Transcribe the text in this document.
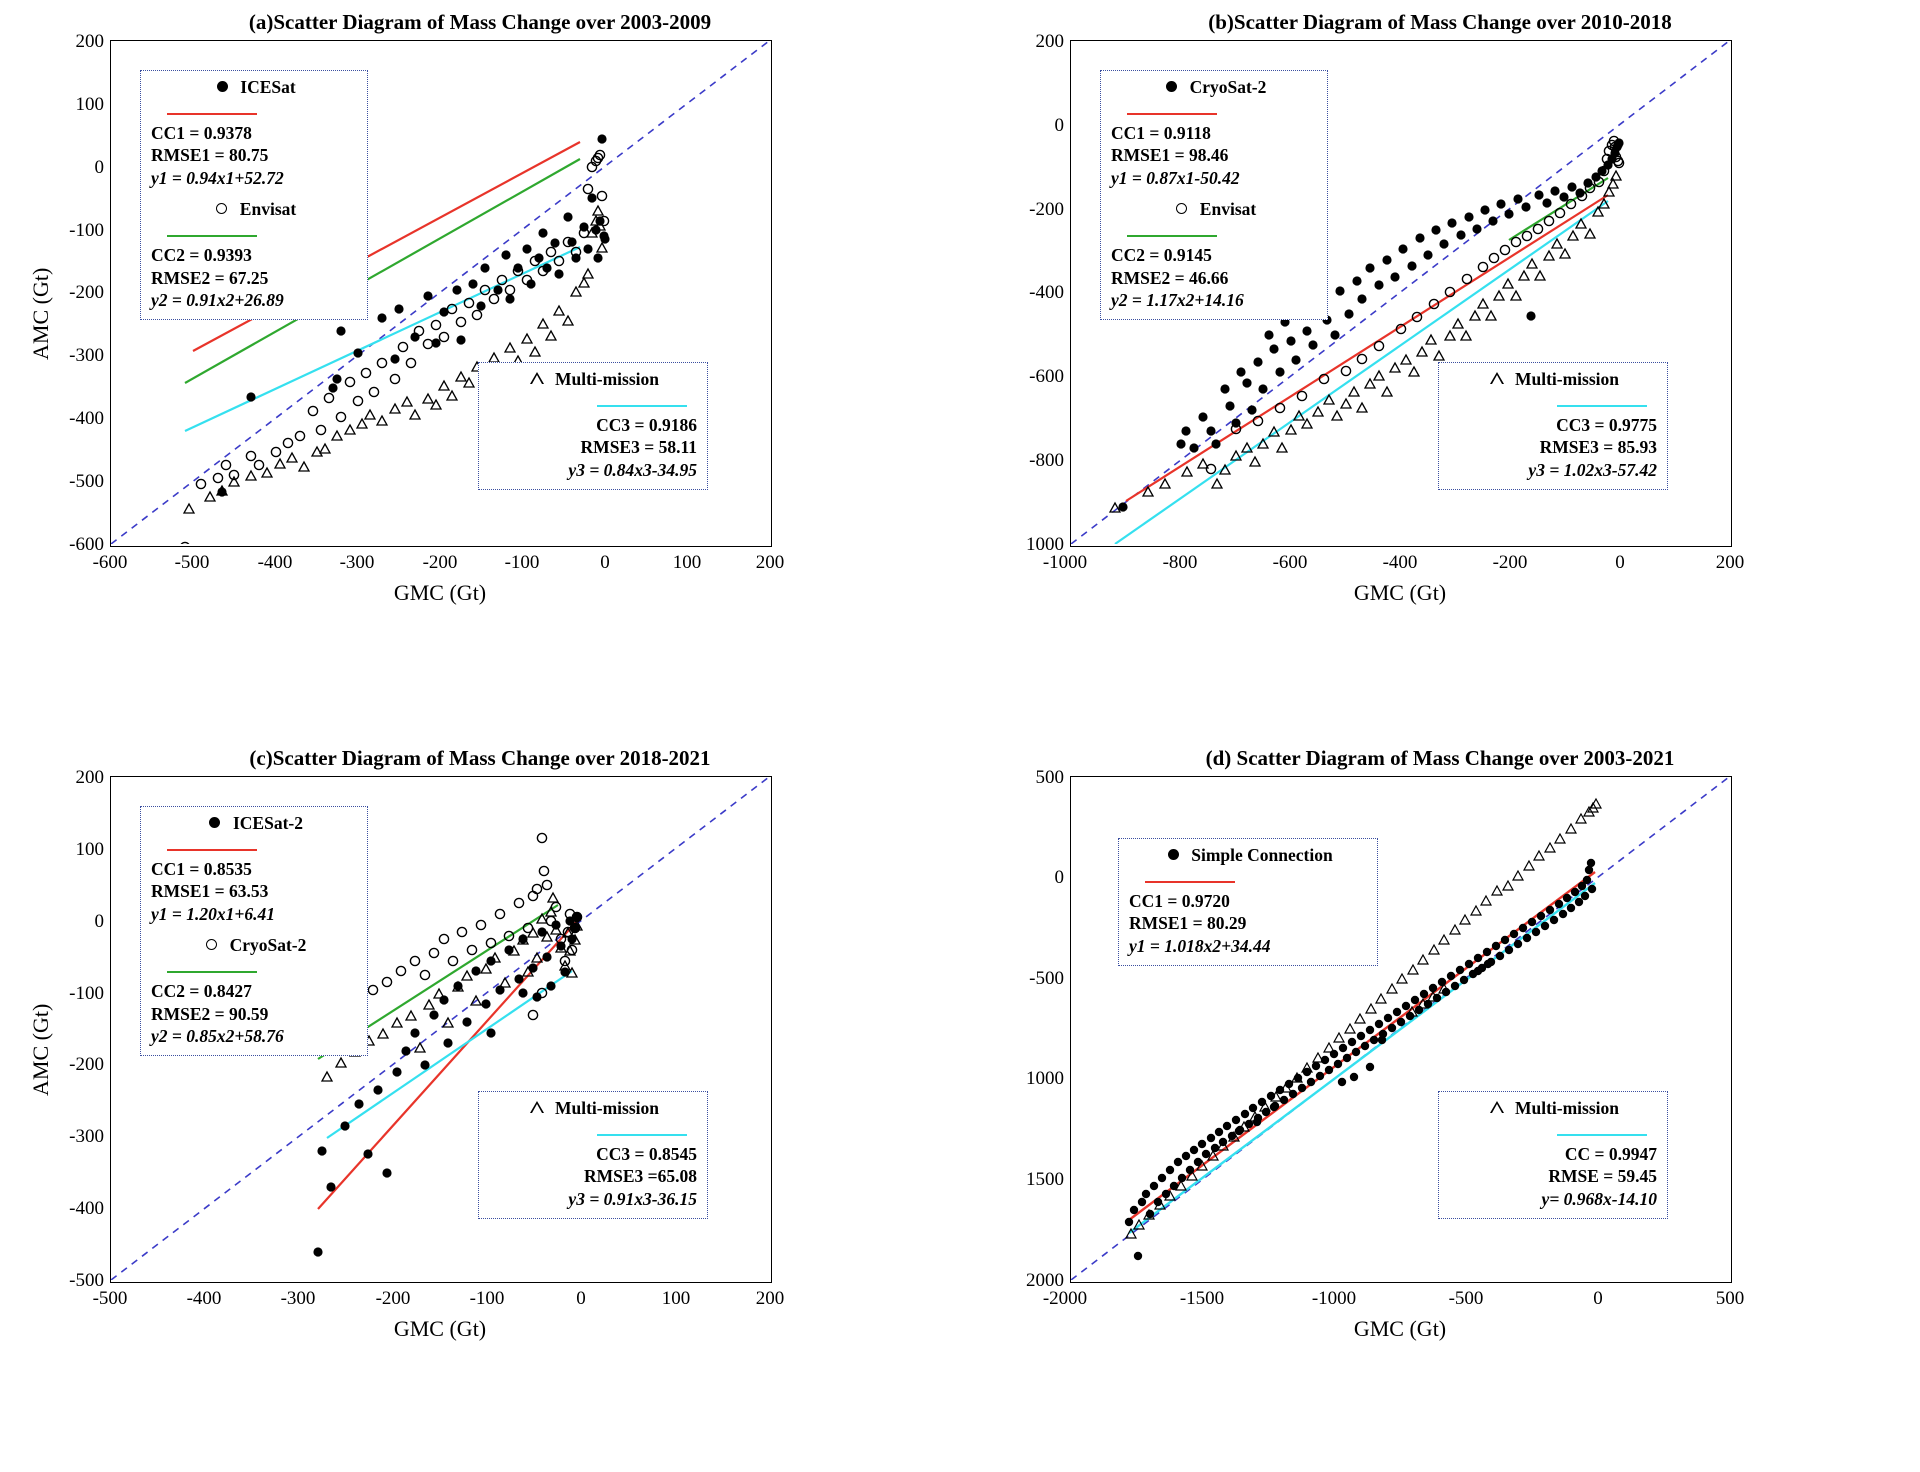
(a)Scatter Diagram of Mass Change over 2003-2009
200
100
0
-100
-200
-300
-400
-500
-600
-600	-500	-400	-300	-200	-100	0	100	200
GMC (Gt)
AMC (Gt)
ICESat
CC1 = 0.9378
RMSE1 = 80.75
y1 = 0.94x1+52.72
Envisat
CC2 = 0.9393
RMSE2 = 67.25
y2 = 0.91x2+26.89
Multi-mission
CC3 = 0.9186
RMSE3 = 58.11
y3 = 0.84x3-34.95
(b)Scatter Diagram of Mass Change over 2010-2018
200
0
-200
-400
-600
-800
1000
-1000	-800	-600	-400	-200	0	200
GMC (Gt)
CryoSat-2
CC1 = 0.9118
RMSE1 = 98.46
y1 = 0.87x1-50.42
Envisat
CC2 = 0.9145
RMSE2 = 46.66
y2 = 1.17x2+14.16
Multi-mission
CC3 = 0.9775
RMSE3 = 85.93
y3 = 1.02x3-57.42
(c)Scatter Diagram of Mass Change over 2018-2021
200
100
0
-100
-200
-300
-400
-500
-500	-400	-300	-200	-100	0	100	200
GMC (Gt)
AMC (Gt)
ICESat-2
CC1 = 0.8535
RMSE1 = 63.53
y1 = 1.20x1+6.41
CryoSat-2
CC2 = 0.8427
RMSE2 = 90.59
y2 = 0.85x2+58.76
Multi-mission
CC3 = 0.8545
RMSE3 =65.08
y3 = 0.91x3-36.15
(d) Scatter Diagram of Mass Change over 2003-2021
500
0
-500
1000
1500
2000
-2000	-1500	-1000	-500	0	500
GMC (Gt)
Simple Connection
CC1 = 0.9720
RMSE1 = 80.29
y1 = 1.018x2+34.44
Multi-mission
CC = 0.9947
RMSE = 59.45
y= 0.968x-14.10
